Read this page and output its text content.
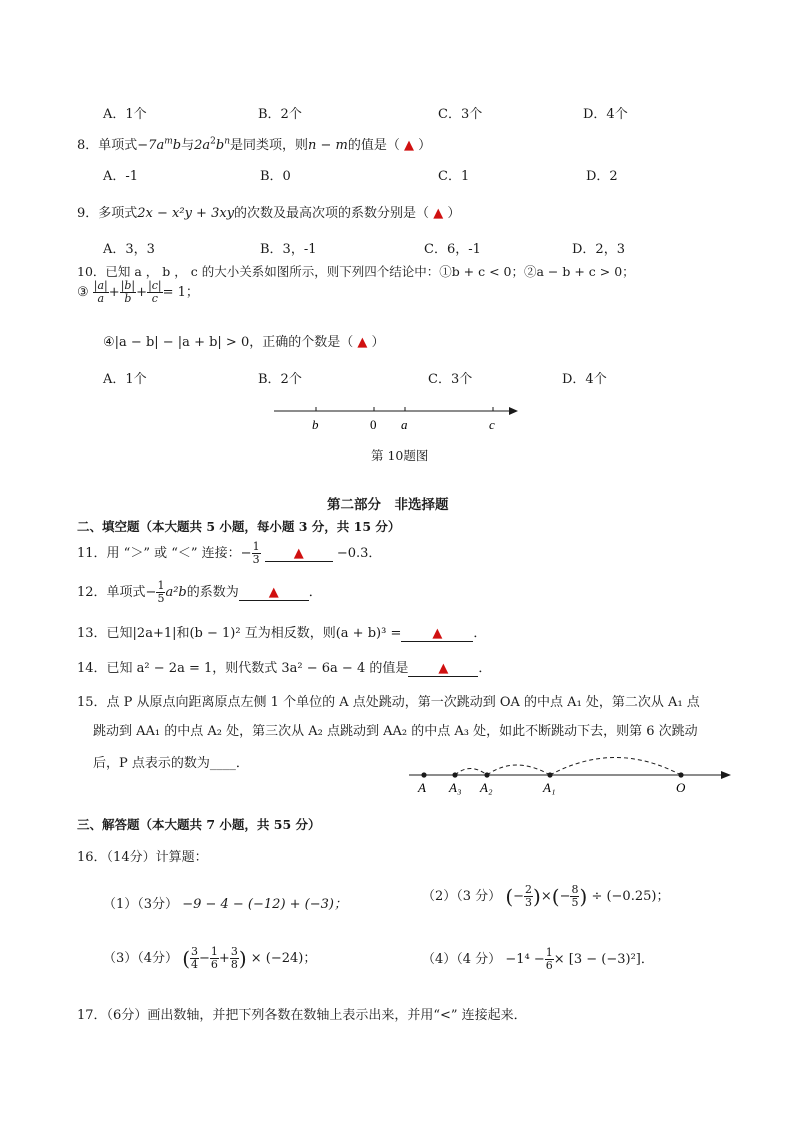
A．1个	B．2个	C．3个	D．4个
8．单项式$-7a^mb$与$2a^2b^n$是同类项，则n − m的值是（ ▲ ）
A．-1	B．0	C．1	D．2
9．多项式2x − x²y + 3xy的次数及最高次项的系数分别是（ ▲ ）
A．3，3	B．3，-1	C．6，-1	D．2，3
10．已知 a ， b ， c 的大小关系如图所示，则下列四个结论中：①b + c < 0；②a − b + c > 0；
③ $\frac{|a|}{a} + \frac{|b|}{b} + \frac{|c|}{c} = 1$；
④|a − b| − |a + b| > 0，正确的个数是（ ▲ ）
A．1个	B．2个	C．3个	D．4个
b	0 a	c
第 10题图
第二部分　非选择题
二、填空题（本大题共 5 小题，每小题 3 分，共 15 分）
11．用 “＞” 或 “＜” 连接：− $\frac{1}{3}$	▲	−0.3．
12．单项式− $\frac{1}{5} a^2b$的系数为 ▲ ．
13．已知|2a+1|和(b − 1)² 互为相反数，则(a + b)³ = ▲ ．
14．已知 a² − 2a = 1，则代数式 3a² − 6a − 4 的值是 ▲ ．
15．点 P 从原点向距离原点左侧 1 个单位的 A 点处跳动，第一次跳动到 OA 的中点 A₁ 处，第二次从 A₁ 点
跳动到 AA₁ 的中点 A₂ 处，第三次从 A₂ 点跳动到 AA₂ 的中点 A₃ 处，如此不断跳动下去，则第 6 次跳动
后，P 点表示的数为____．
A A₃ A₂	A₁	O
三、解答题（本大题共 7 小题，共 55 分）
16．（14分）计算题：
（1）（3分） −9 − 4 − (−12) + (−3)；
（2）（3 分） (− $\frac{2}{3}$ )×(− $\frac{8}{5}$ ) ÷ (−0.25)；
（3）（4分） ( $\frac{3}{4} - \frac{1}{6} + \frac{3}{8}$ ) × (−24)；	（4）（4 分） $-1^4 - \frac{1}{6} \times [3 - (-3)^2]$．
17．（6分）画出数轴，并把下列各数在数轴上表示出来，并用“<” 连接起来．
